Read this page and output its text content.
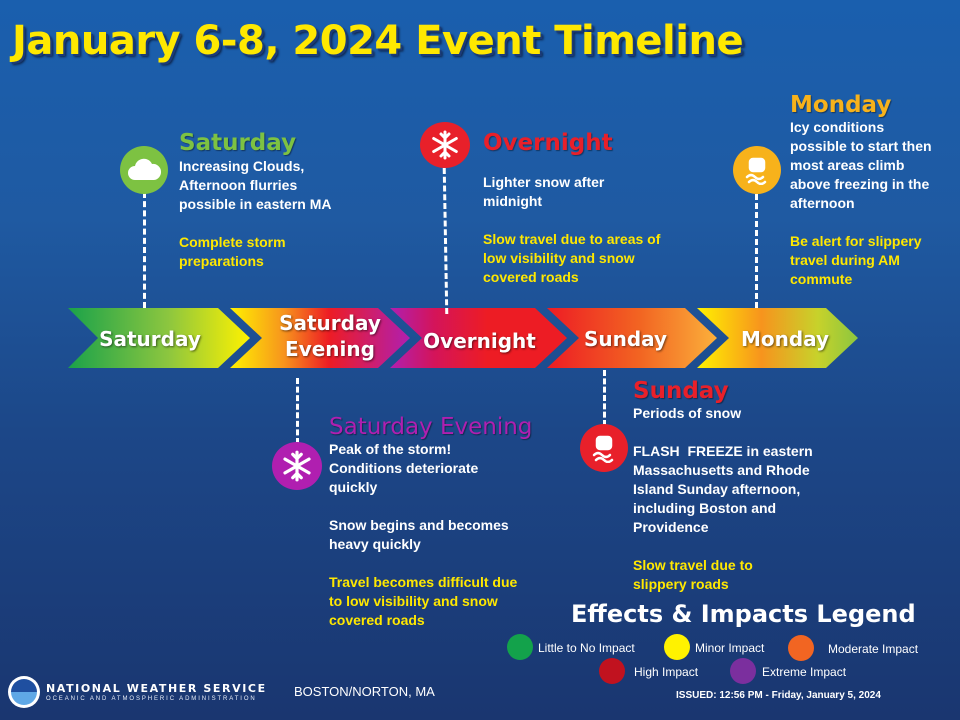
January 6-8, 2024 Event Timeline
Saturday
Saturday
Evening	Overnight	Sunday	Monday
Saturday
Increasing Clouds,
Afternoon flurries
possible in eastern MA
Complete storm
preparations
Overnight
Lighter snow after
midnight
Slow travel due to areas of
low visibility and snow
covered roads
Monday
Icy conditions
possible to start then
most areas climb
above freezing in the
afternoon
Be alert for slippery
travel during AM
commute
Saturday Evening
Peak of the storm!
Conditions deteriorate
quickly
Snow begins and becomes
heavy quickly
Travel becomes difficult due
to low visibility and snow
covered roads
Sunday
Periods of snow
FLASH  FREEZE in eastern
Massachusetts and Rhode
Island Sunday afternoon,
including Boston and
Providence
Slow travel due to
slippery roads
Effects & Impacts Legend
Little to No Impact	Minor Impact	Moderate Impact
High Impact	Extreme Impact
NATIONAL WEATHER SERVICE
OCEANIC AND ATMOSPHERIC ADMINISTRATION	BOSTON/NORTON, MA	ISSUED: 12:56 PM - Friday, January 5, 2024
